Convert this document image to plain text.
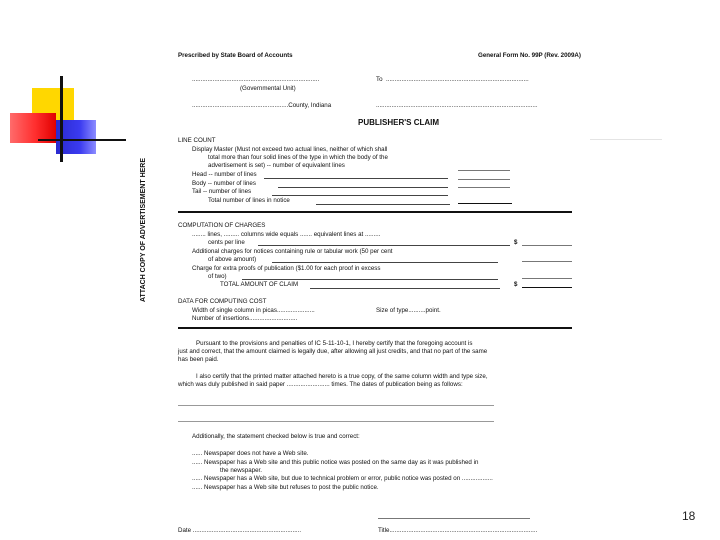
ATTACH COPY OF ADVERTISEMENT HERE
Prescribed by State Board of Accounts	General Form No. 99P (Rev. 2009A)
..........................................................................	To ...................................................................................
(Governmental Unit)
........................................................County, Indiana	..............................................................................................
PUBLISHER'S CLAIM
LINE COUNT
Display Master (Must not exceed two actual lines, neither of which shall
total more than four solid lines of the type in which the body of the
advertisement is set) -- number of equivalent lines
Head -- number of lines
Body -- number of lines
Tail -- number of lines
Total number of lines in notice
COMPUTATION OF CHARGES
........ lines, ......... columns wide equals ....... equivalent lines at .........
cents per line	$
Additional charges for notices containing rule or tabular work (50 per cent
of above amount)
Charge for extra proofs of publication ($1.00 for each proof in excess
of two)
TOTAL AMOUNT OF CLAIM	$
DATA FOR COMPUTING COST
Width of single column in picas......................	Size of type..........point.
Number of insertions............................
Pursuant to the provisions and penalties of IC 5-11-10-1, I hereby certify that the foregoing account is
just and correct, that the amount claimed is legally due, after allowing all just credits, and that no part of the same
has been paid.
I also certify that the printed matter attached hereto is a true copy, of the same column width and type size,
which was duly published in said paper ......................... times. The dates of publication being as follows:
Additionally, the statement checked below is true and correct:
...... Newspaper does not have a Web site.
...... Newspaper has a Web site and this public notice was posted on the same day as it was published in
the newspaper.
...... Newspaper has a Web site, but due to technical problem or error, public notice was posted on ..................
...... Newspaper has a Web site but refuses to post the public notice.
Date ...............................................................	Title......................................................................................
18
